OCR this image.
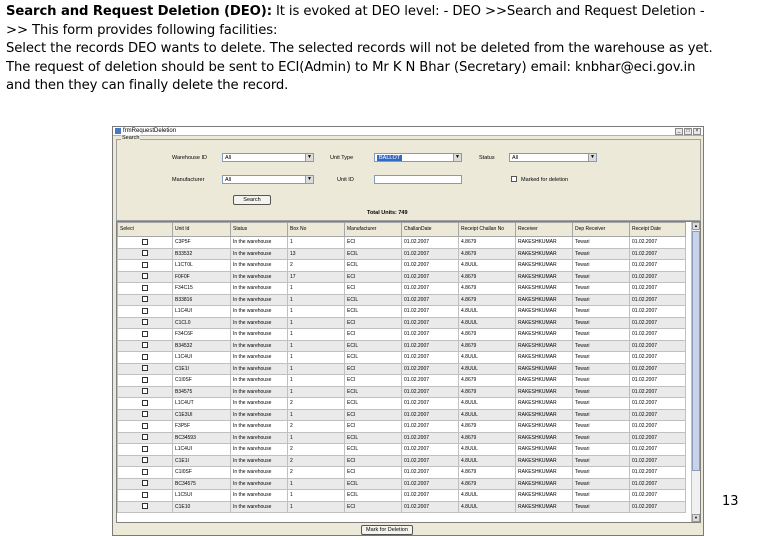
Search and Request Deletion (DEO): It is evoked at DEO level: - DEO >>Search and Request Deletion -
>> This form provides following facilities:
Select the records DEO wants to delete. The selected records will not be deleted from the warehouse as yet.
The request of deletion should be sent to ECI(Admin) to Mr K N Bhar (Secretary) email: knbhar@eci.gov.in
and then they can finally delete the record.
frmRequestDeletion	_	□	×
Search
Warehouse ID	All	▼	Unit Type	BALLOT	▼	Status	All	▼
Manufacturer	All	▼	Unit ID	Marked for deletion
Search
Total Units: 749
Select	Unit Id	Status	Box No	Manufacturer	ChallanDate	Receipt Challan No	Receiver	Dep Receiver	Receipt Date
	C3P5F	In the warehouse	1	ECI	01.02.2007	4.8679	RAKESHKUMAR	Tewari	01.02.2007
	B33532	In the warehouse	13	ECIL	01.02.2007	4.8679	RAKESHKUMAR	Tewari	01.02.2007
	L1CT0L	In the warehouse	2	ECIL	01.02.2007	4.8UUL	RAKESHKUMAR	Tewari	01.02.2007
	F0F0F	In the warehouse	17	ECI	01.02.2007	4.8679	RAKESHKUMAR	Tewari	01.02.2007
	F34C15	In the warehouse	1	ECI	01.02.2007	4.8679	RAKESHKUMAR	Tewari	01.02.2007
	B33816	In the warehouse	1	ECIL	01.02.2007	4.8679	RAKESHKUMAR	Tewari	01.02.2007
	L1C4UI	In the warehouse	1	ECIL	01.02.2007	4.8UUL	RAKESHKUMAR	Tewari	01.02.2007
	C1CL0	In the warehouse	1	ECI	01.02.2007	4.8UUL	RAKESHKUMAR	Tewari	01.02.2007
	F34C6F	In the warehouse	1	ECI	01.02.2007	4.8679	RAKESHKUMAR	Tewari	01.02.2007
	B34532	In the warehouse	1	ECIL	01.02.2007	4.8679	RAKESHKUMAR	Tewari	01.02.2007
	L1C4UI	In the warehouse	1	ECIL	01.02.2007	4.8UUL	RAKESHKUMAR	Tewari	01.02.2007
	C1E1I	In the warehouse	1	ECI	01.02.2007	4.8UUL	RAKESHKUMAR	Tewari	01.02.2007
	C1I0SF	In the warehouse	1	ECI	01.02.2007	4.8679	RAKESHKUMAR	Tewari	01.02.2007
	B34575	In the warehouse	1	ECIL	01.02.2007	4.8679	RAKESHKUMAR	Tewari	01.02.2007
	L1C4UT	In the warehouse	2	ECIL	01.02.2007	4.8UUL	RAKESHKUMAR	Tewari	01.02.2007
	C1E3UI	In the warehouse	1	ECI	01.02.2007	4.8UUL	RAKESHKUMAR	Tewari	01.02.2007
	F3P5F	In the warehouse	2	ECI	01.02.2007	4.8679	RAKESHKUMAR	Tewari	01.02.2007
	BC34593	In the warehouse	1	ECIL	01.02.2007	4.8679	RAKESHKUMAR	Tewari	01.02.2007
	L1C4UI	In the warehouse	2	ECIL	01.02.2007	4.8UUL	RAKESHKUMAR	Tewari	01.02.2007
	C1E1I	In the warehouse	2	ECI	01.02.2007	4.8UUL	RAKESHKUMAR	Tewari	01.02.2007
	C1I0SF	In the warehouse	2	ECI	01.02.2007	4.8679	RAKESHKUMAR	Tewari	01.02.2007
	BC34575	In the warehouse	1	ECIL	01.02.2007	4.8679	RAKESHKUMAR	Tewari	01.02.2007
	L1C5UI	In the warehouse	1	ECIL	01.02.2007	4.8UUL	RAKESHKUMAR	Tewari	01.02.2007
	C1E10	In the warehouse	1	ECI	01.02.2007	4.8UUL	RAKESHKUMAR	Tewari	01.02.2007
▲
▼
Mark for Deletion
13
